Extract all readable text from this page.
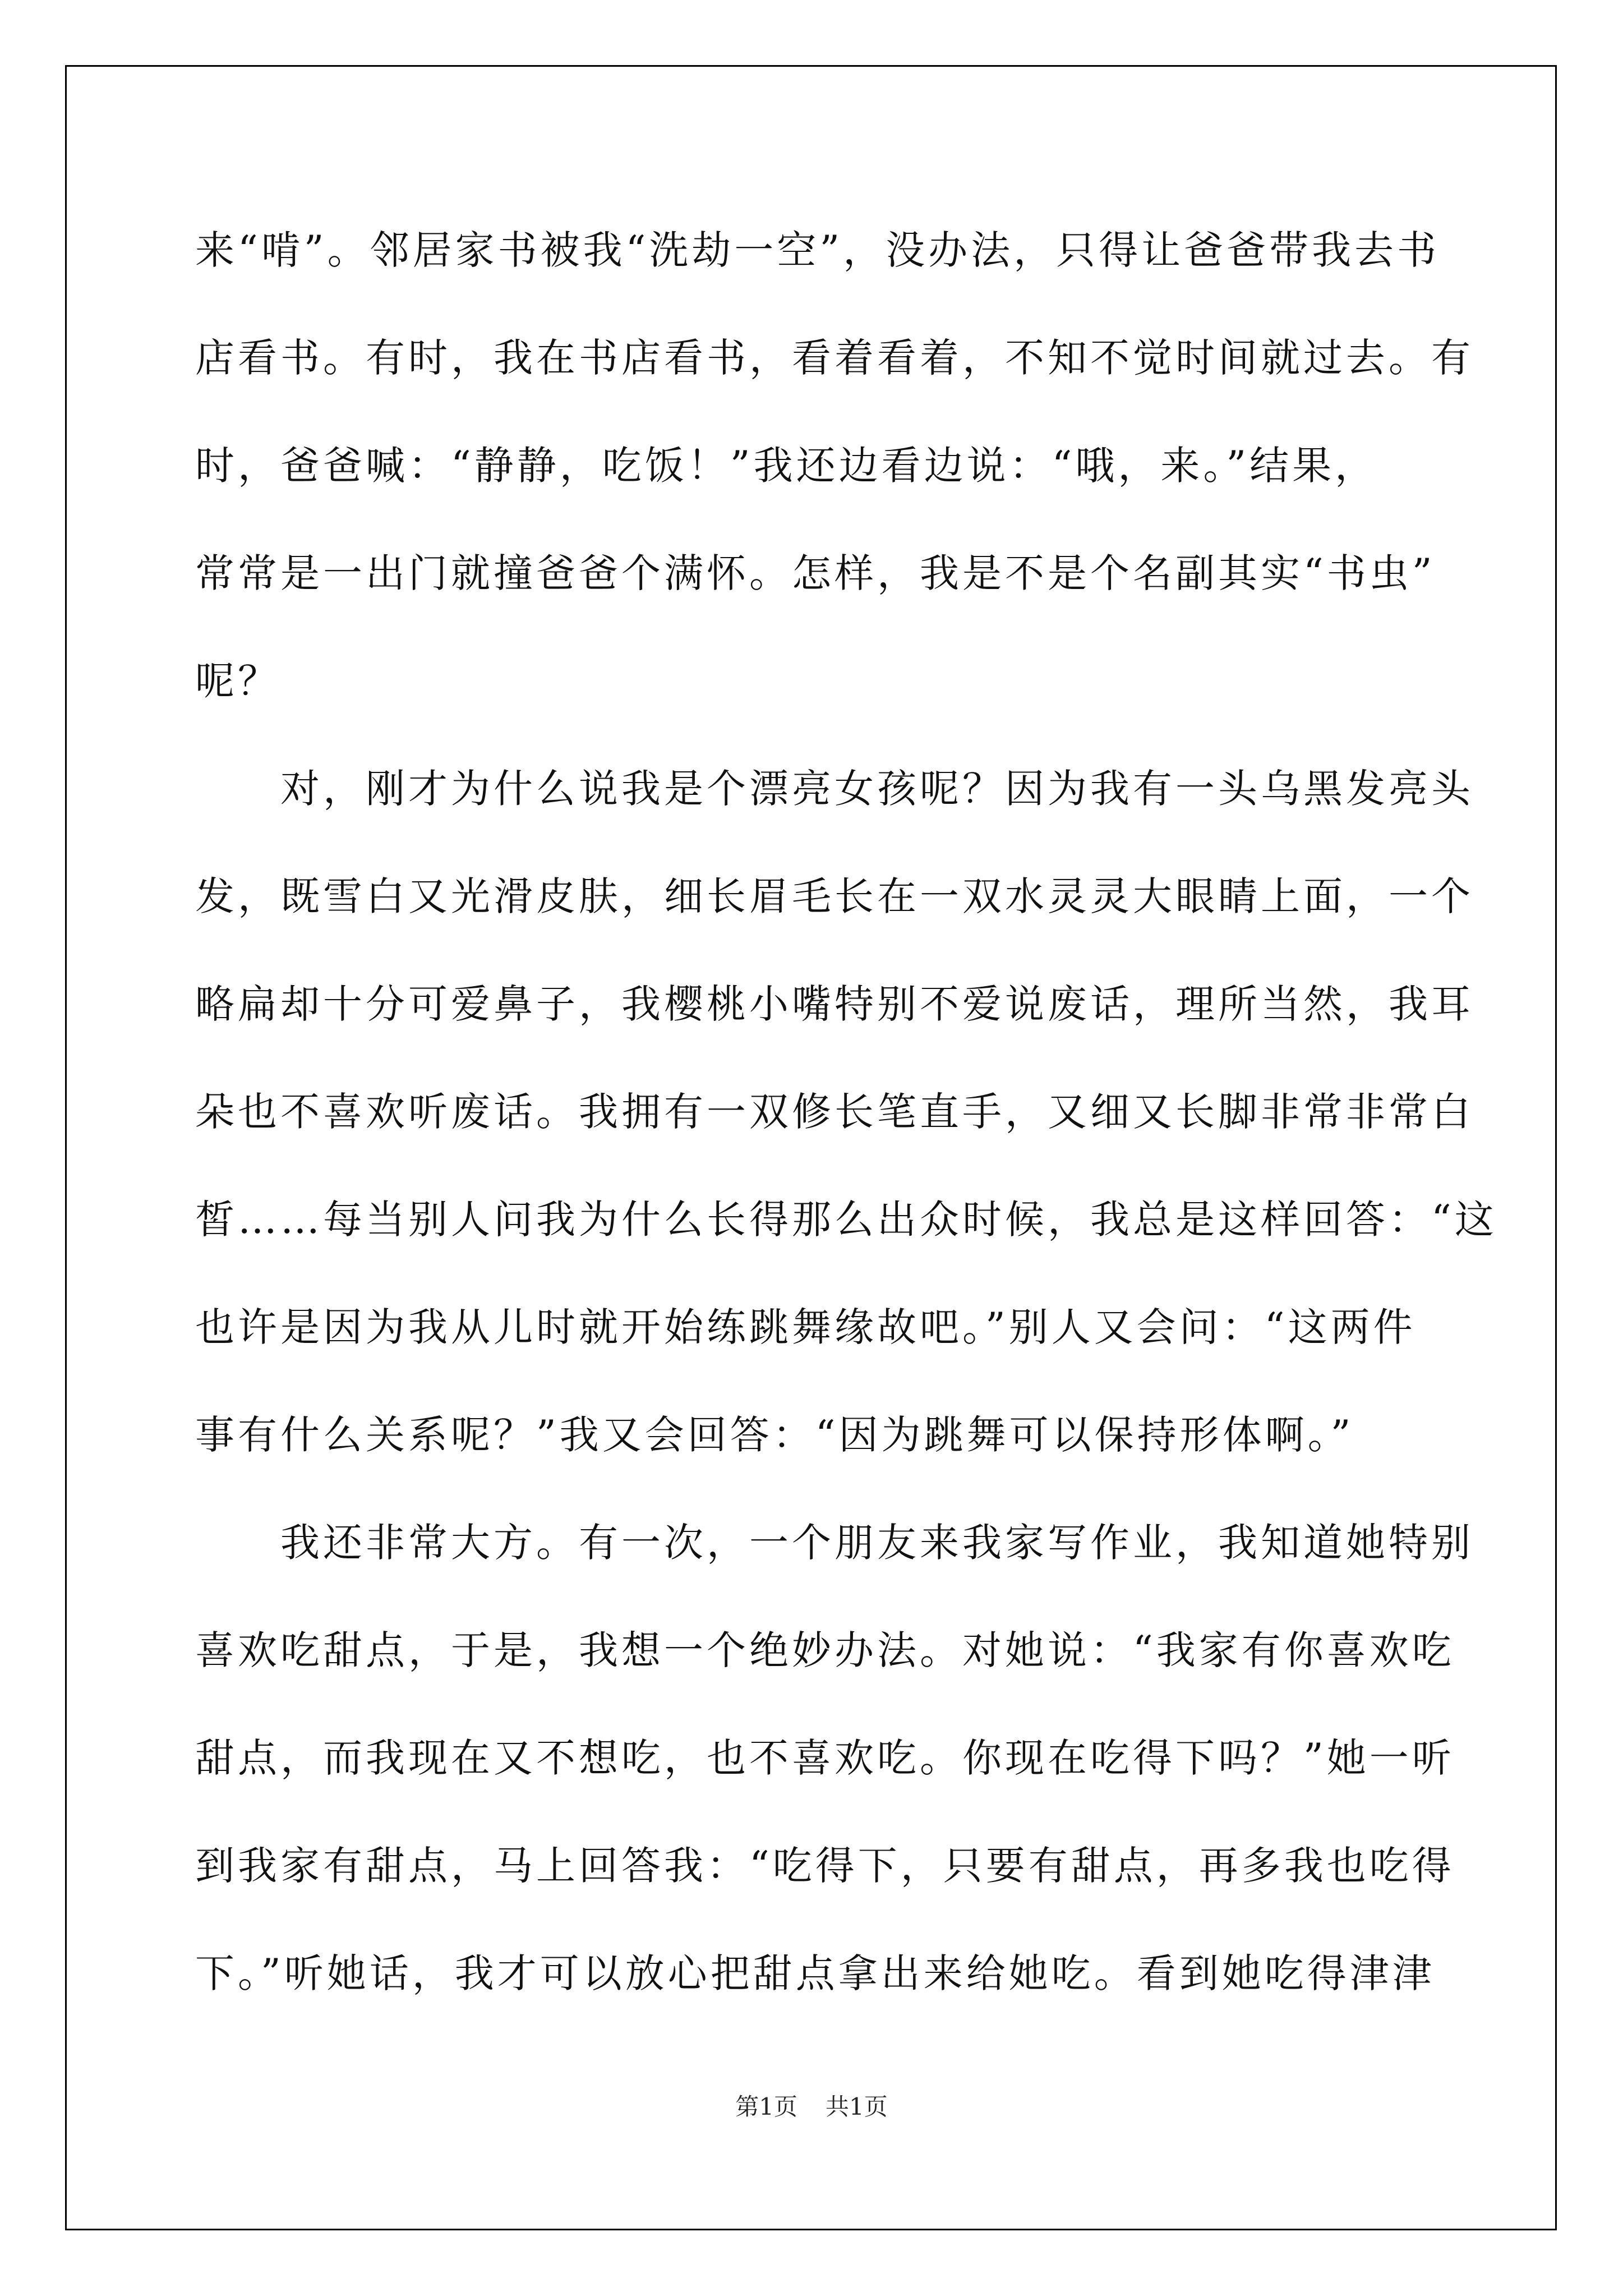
来“啃”。邻居家书被我“洗劫一空”，没办法，只得让爸爸带我去书
店看书。有时，我在书店看书，看着看着，不知不觉时间就过去。有
时，爸爸喊：“静静，吃饭！”我还边看边说：“哦，来。”结果，
常常是一出门就撞爸爸个满怀。怎样，我是不是个名副其实“书虫”
呢？
　　对，刚才为什么说我是个漂亮女孩呢？因为我有一头乌黑发亮头
发，既雪白又光滑皮肤，细长眉毛长在一双水灵灵大眼睛上面，一个
略扁却十分可爱鼻子，我樱桃小嘴特别不爱说废话，理所当然，我耳
朵也不喜欢听废话。我拥有一双修长笔直手，又细又长脚非常非常白
皙……每当别人问我为什么长得那么出众时候，我总是这样回答：“这
也许是因为我从儿时就开始练跳舞缘故吧。”别人又会问：“这两件
事有什么关系呢？”我又会回答：“因为跳舞可以保持形体啊。”
　　我还非常大方。有一次，一个朋友来我家写作业，我知道她特别
喜欢吃甜点，于是，我想一个绝妙办法。对她说：“我家有你喜欢吃
甜点，而我现在又不想吃，也不喜欢吃。你现在吃得下吗？”她一听
到我家有甜点，马上回答我：“吃得下，只要有甜点，再多我也吃得
下。”听她话，我才可以放心把甜点拿出来给她吃。看到她吃得津津
第1页 共1页
